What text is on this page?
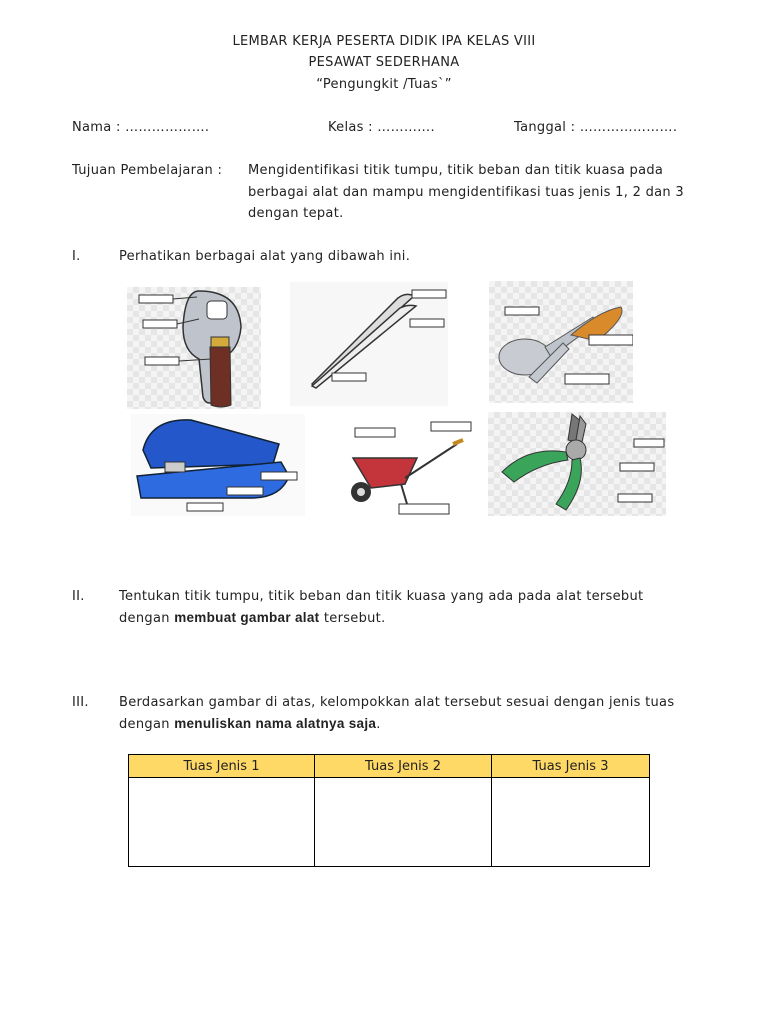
LEMBAR KERJA PESERTA DIDIK IPA KELAS VIII
PESAWAT SEDERHANA
“Pengungkit /Tuas`”
Nama : ……………….	Kelas : ………….	Tanggal : ………………….
Tujuan Pembelajaran : Mengidentifikasi titik tumpu, titik beban dan titik kuasa pada
berbagai alat dan mampu mengidentifikasi tuas jenis 1, 2 dan 3
dengan tepat.
I.	Perhatikan berbagai alat yang dibawah ini.
II.	Tentukan titik tumpu, titik beban dan titik kuasa yang ada pada alat tersebut
dengan membuat gambar alat tersebut.
III. Berdasarkan gambar di atas, kelompokkan alat tersebut sesuai dengan jenis tuas
dengan menuliskan nama alatnya saja.
Tuas Jenis 1	Tuas Jenis 2	Tuas Jenis 3
